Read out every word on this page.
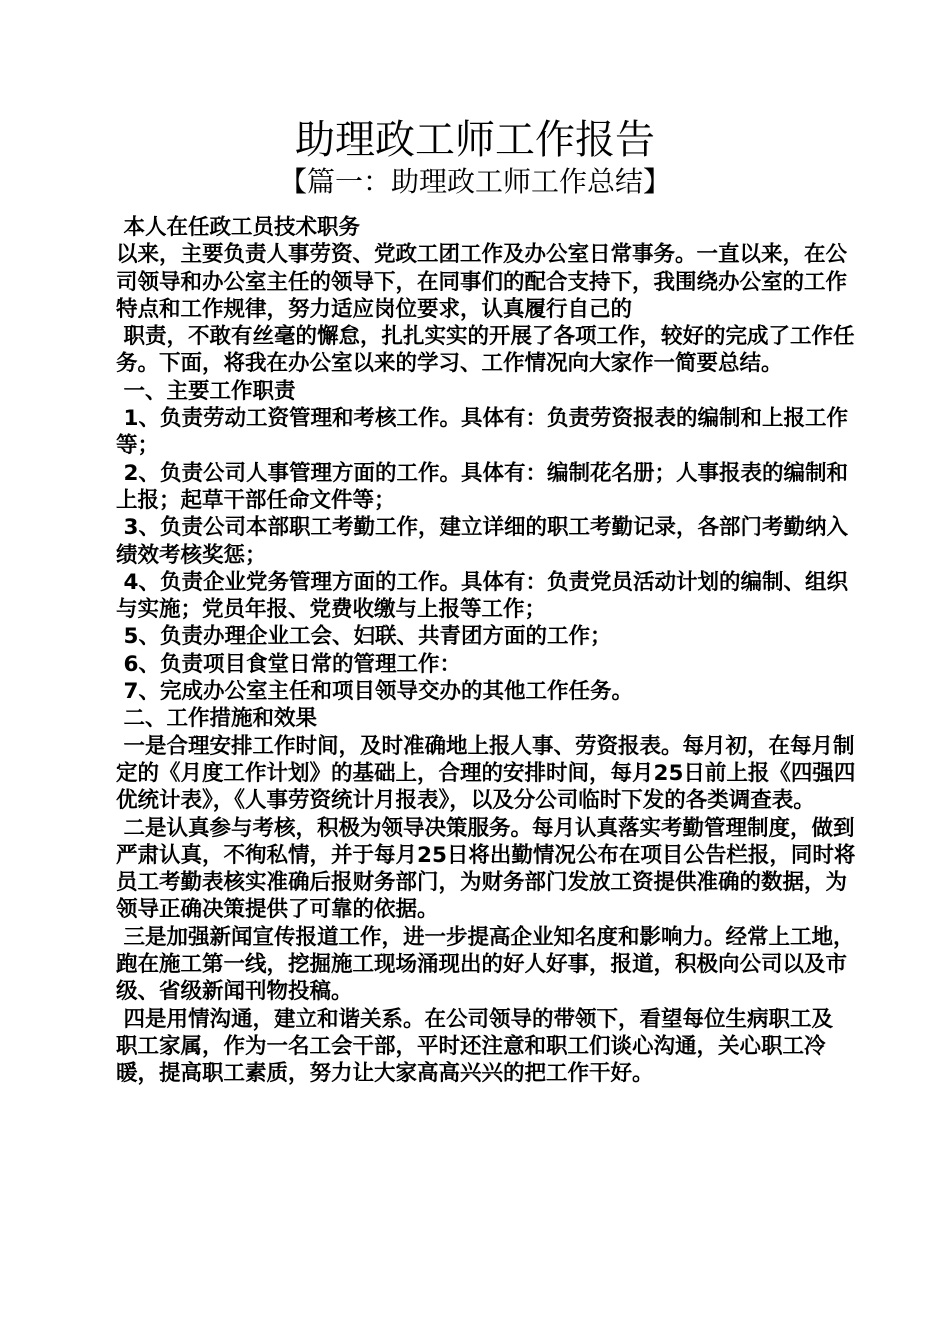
助理政工师工作报告
【篇一：助理政工师工作总结】

本人在任政工员技术职务

以来，主要负责人事劳资、党政工团工作及办公室日常事务。一直以来，在公司领导和办公室主任的领导下，在同事们的配合支持下，我围绕办公室的工作特点和工作规律，努力适应岗位要求，认真履行自己的

职责，不敢有丝毫的懈怠，扎扎实实的开展了各项工作，较好的完成了工作任务。下面，将我在办公室以来的学习、工作情况向大家作一简要总结。

一、主要工作职责

1、负责劳动工资管理和考核工作。具体有：负责劳资报表的编制和上报工作等；

2、负责公司人事管理方面的工作。具体有：编制花名册；人事报表的编制和上报；起草干部任命文件等；

3、负责公司本部职工考勤工作，建立详细的职工考勤记录，各部门考勤纳入绩效考核奖惩；

4、负责企业党务管理方面的工作。具体有：负责党员活动计划的编制、组织与实施；党员年报、党费收缴与上报等工作；

5、负责办理企业工会、妇联、共青团方面的工作；

6、负责项目食堂日常的管理工作：

7、完成办公室主任和项目领导交办的其他工作任务。

二、工作措施和效果

一是合理安排工作时间，及时准确地上报人事、劳资报表。每月初，在每月制定的《月度工作计划》的基础上，合理的安排时间，每月25日前上报《四强四优统计表》，《人事劳资统计月报表》，以及分公司临时下发的各类调查表。

二是认真参与考核，积极为领导决策服务。每月认真落实考勤管理制度，做到严肃认真，不徇私情，并于每月25日将出勤情况公布在项目公告栏报，同时将员工考勤表核实准确后报财务部门，为财务部门发放工资提供准确的数据，为领导正确决策提供了可靠的依据。

三是加强新闻宣传报道工作，进一步提高企业知名度和影响力。经常上工地，跑在施工第一线，挖掘施工现场涌现出的好人好事，报道，积极向公司以及市级、省级新闻刊物投稿。

四是用情沟通，建立和谐关系。在公司领导的带领下，看望每位生病职工及

职工家属，作为一名工会干部，平时还注意和职工们谈心沟通，关心职工冷暖，提高职工素质，努力让大家高高兴兴的把工作干好。
